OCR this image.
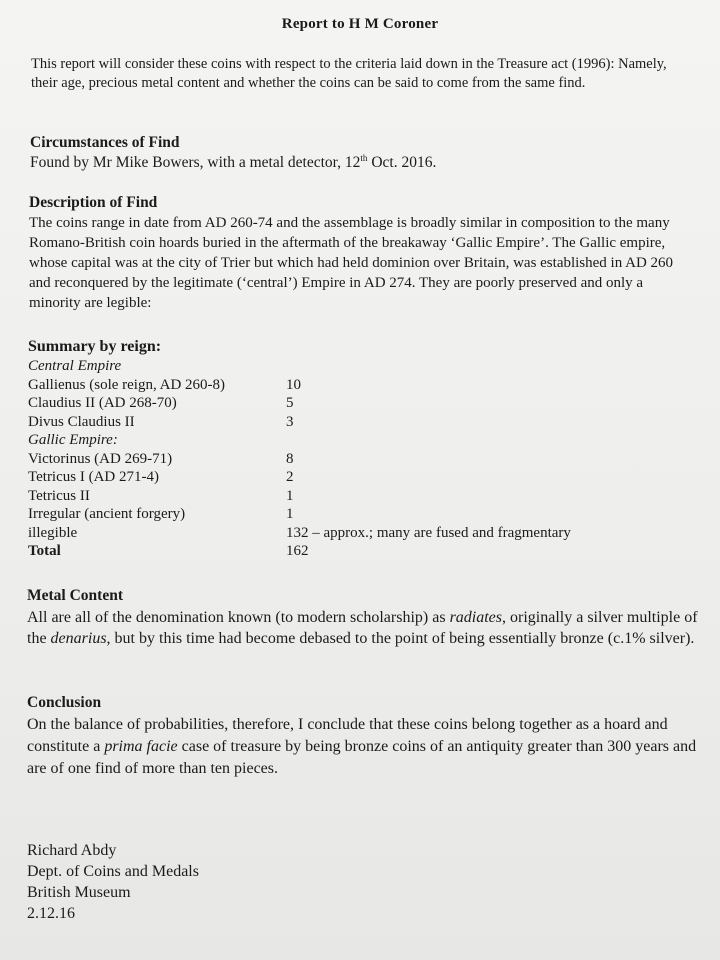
Report to H M Coroner
This report will consider these coins with respect to the criteria laid down in the Treasure act (1996): Namely, their age, precious metal content and whether the coins can be said to come from the same find.
Circumstances of Find

Found by Mr Mike Bowers, with a metal detector, 12th Oct. 2016.

Description of Find

The coins range in date from AD 260-74 and the assemblage is broadly similar in composition to the many Romano-British coin hoards buried in the aftermath of the breakaway ‘Gallic Empire’. The Gallic empire, whose capital was at the city of Trier but which had held dominion over Britain, was established in AD 260 and reconquered by the legitimate (‘central’) Empire in AD 274. They are poorly preserved and only a minority are legible:

Summary by reign:
Central Empire
Gallienus (sole reign, AD 260-8)	10
Claudius II (AD 268-70)	5
Divus Claudius II	3
Gallic Empire:
Victorinus (AD 269-71)	8
Tetricus I (AD 271-4)	2
Tetricus II	1
Irregular (ancient forgery)	1
illegible	132 – approx.; many are fused and fragmentary
Total	162
Metal Content

All are all of the denomination known (to modern scholarship) as radiates, originally a silver multiple of the denarius, but by this time had become debased to the point of being essentially bronze (c.1% silver).

Conclusion

On the balance of probabilities, therefore, I conclude that these coins belong together as a hoard and constitute a prima facie case of treasure by being bronze coins of an antiquity greater than 300 years and are of one find of more than ten pieces.

Richard Abdy
Dept. of Coins and Medals
British Museum
2.12.16
